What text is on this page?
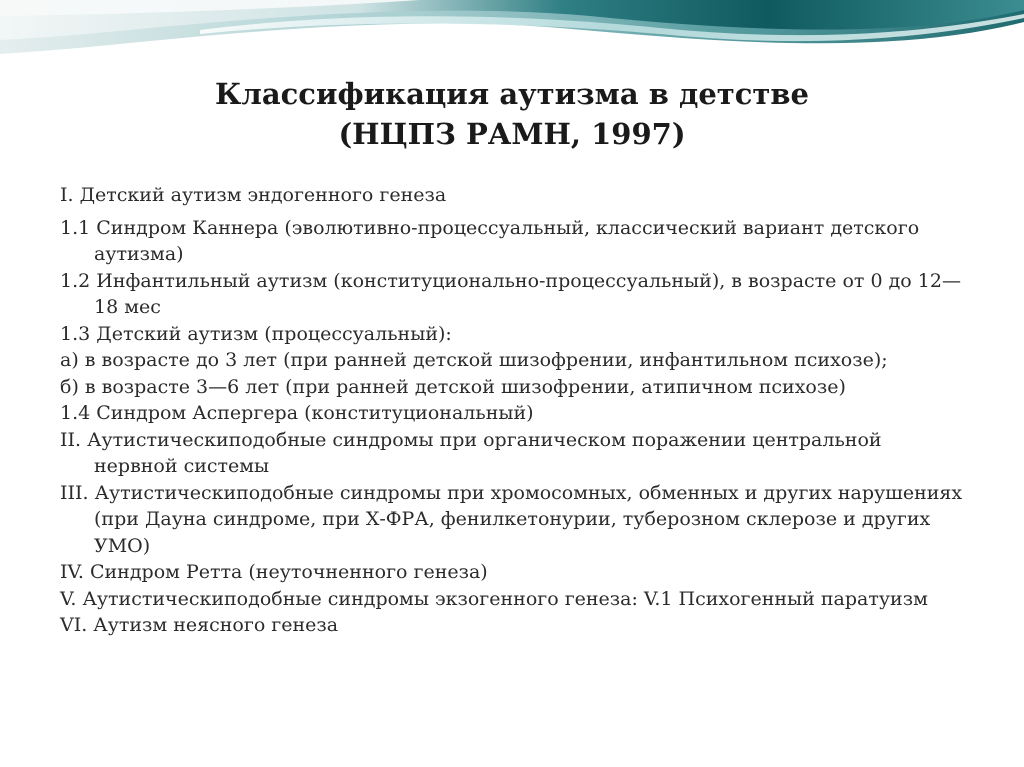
Классификация аутизма в детстве
(НЦПЗ РАМН, 1997)
I. Детский аутизм эндогенного генеза
1.1 Синдром Каннера (эволютивно-процессуальный, классический вариант детского аутизма)
1.2 Инфантильный аутизм (конституционально-процессуальный), в возрасте от 0 до 12—18 мес
1.3 Детский аутизм (процессуальный):
а) в возрасте до 3 лет (при ранней детской шизофрении, инфантильном психозе);
б) в возрасте 3—6 лет (при ранней детской шизофрении, атипичном психозе)
1.4 Синдром Аспергера (конституциональный)
II. Аутистическиподобные синдромы при органическом поражении центральной нервной системы
III. Аутистическиподобные синдромы при хромосомных, обменных и других нарушениях (при Дауна синдроме, при Х-ФРА, фенилкетонурии, туберозном склерозе и других УМО)
IV. Синдром Ретта (неуточненного генеза)
V. Аутистическиподобные синдромы экзогенного генеза: V.1 Психогенный паратуизм
VI. Аутизм неясного генеза
